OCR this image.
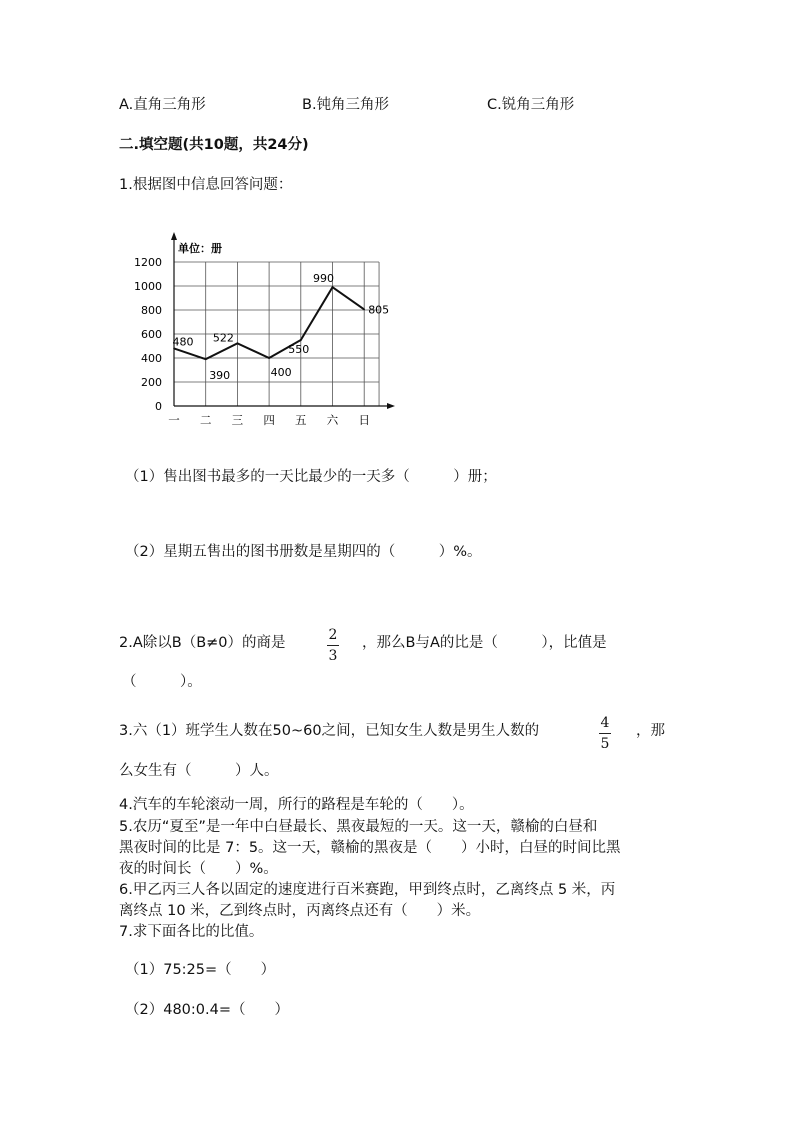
A.直角三角形	B.钝角三角形	C.锐角三角形
二.填空题(共10题，共24分)
1.根据图中信息回答问题：
单位：册
0
200
400
600
800
1000
1200
一 二 三 四 五 六 日
480
390
522
400
550
990
805
（1）售出图书最多的一天比最少的一天多（　　　）册；
（2）星期五售出的图书册数是星期四的（　　　）%。
2.A除以B（B≠0）的商是	2
3
，那么B与A的比是（　　　），比值是
（　　　）。
3.六（1）班学生人数在50~60之间，已知女生人数是男生人数的	4
5
，那
么女生有（　　　）人。
4.汽车的车轮滚动一周，所行的路程是车轮的（　　）。
5.农历“夏至”是一年中白昼最长、黑夜最短的一天。这一天，赣榆的白昼和
黑夜时间的比是 7：5。这一天，赣榆的黑夜是（　　）小时，白昼的时间比黑
夜的时间长（　　）%。
6.甲乙丙三人各以固定的速度进行百米赛跑，甲到终点时，乙离终点 5 米，丙
离终点 10 米，乙到终点时，丙离终点还有（　　）米。
7.求下面各比的比值。
（1）75:25=（　　）
（2）480:0.4=（　　）
